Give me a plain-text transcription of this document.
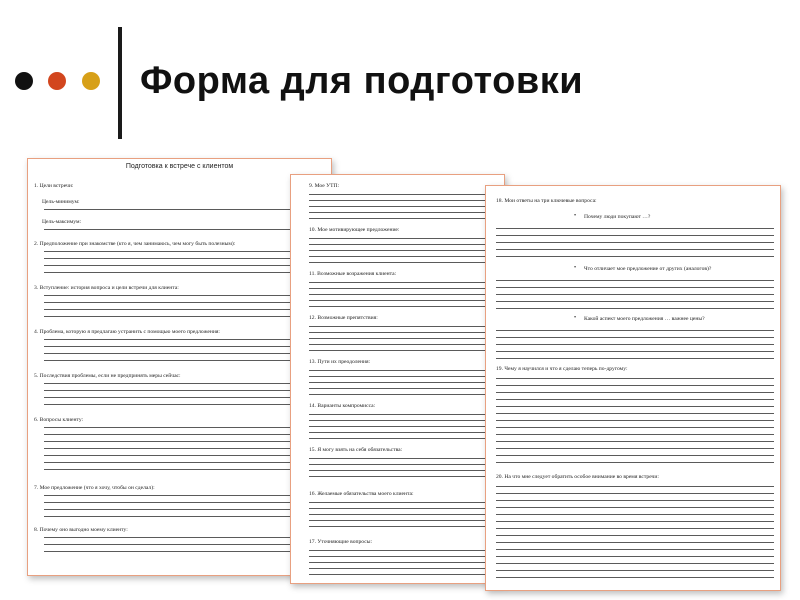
Форма для подготовки
Подготовка к встрече с клиентом
1. Цели встречи:
Цель-минимум:
Цель-максимум:
2. Предположение при знакомстве (кто я, чем занимаюсь, чем могу быть полезным):
3. Вступление: история вопроса и цели встречи для клиента:
4. Проблема, которую я предлагаю устранить с помощью моего предложения:
5. Последствия проблемы, если не предпринять меры сейчас:
6. Вопросы клиенту:
7. Мое предложение (что я хочу, чтобы он сделал):
8. Почему оно выгодно моему клиенту:
9. Мое УТП:
10. Мое мотивирующее предложение:
11. Возможные возражения клиента:
12. Возможные препятствия:
13. Пути их преодоления:
14. Варианты компромисса:
15. Я могу взять на себя обязательства:
16. Желаемые обязательства моего клиента:
17. Уточняющие вопросы:
18. Мои ответы на три ключевые вопроса:
• Почему люди покупают …?
• Что отличает мое предложение от других (аналогов)?
• Какой аспект моего предложения … важнее цены?
19. Чему я научился и что я сделаю теперь по-другому:
20. На что мне следует обратить особое внимание во время встречи:
